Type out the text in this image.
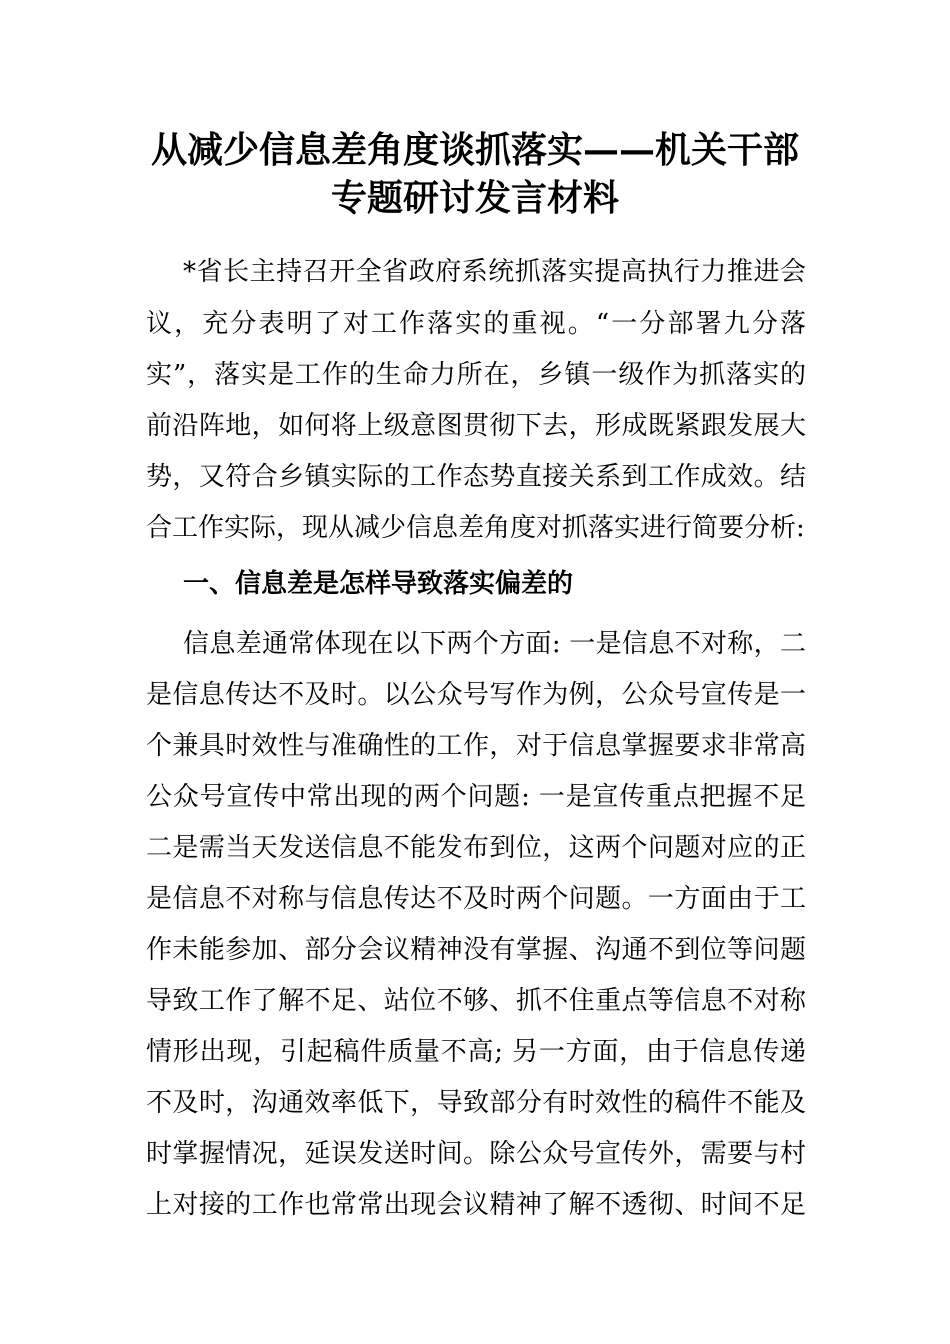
从减少信息差角度谈抓落实——机关干部
专题研讨发言材料
*省长主持召开全省政府系统抓落实提高执行力推进会
议，充分表明了对工作落实的重视。“一分部署九分落
实”，落实是工作的生命力所在，乡镇一级作为抓落实的
前沿阵地，如何将上级意图贯彻下去，形成既紧跟发展大
势，又符合乡镇实际的工作态势直接关系到工作成效。结
合工作实际，现从减少信息差角度对抓落实进行简要分析:
一、信息差是怎样导致落实偏差的
信息差通常体现在以下两个方面: 一是信息不对称，二
是信息传达不及时。以公众号写作为例，公众号宣传是一
个兼具时效性与准确性的工作，对于信息掌握要求非常高
公众号宣传中常出现的两个问题: 一是宣传重点把握不足
二是需当天发送信息不能发布到位，这两个问题对应的正
是信息不对称与信息传达不及时两个问题。一方面由于工
作未能参加、部分会议精神没有掌握、沟通不到位等问题
导致工作了解不足、站位不够、抓不住重点等信息不对称
情形出现，引起稿件质量不高; 另一方面，由于信息传递
不及时，沟通效率低下，导致部分有时效性的稿件不能及
时掌握情况，延误发送时间。除公众号宣传外，需要与村
上对接的工作也常常出现会议精神了解不透彻、时间不足
